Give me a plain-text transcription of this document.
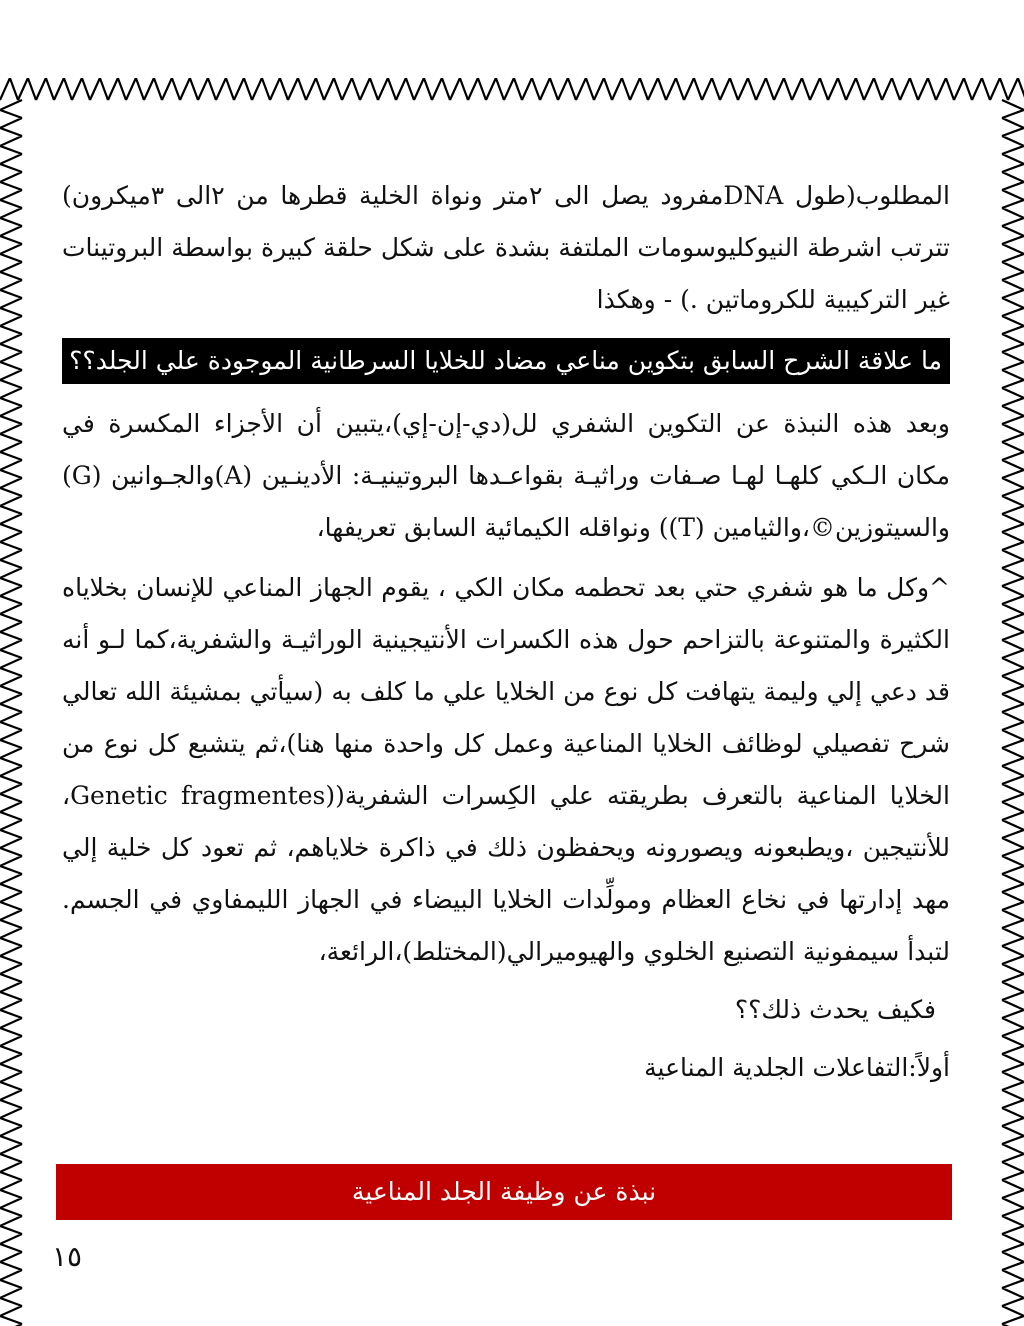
المطلوب(طول DNAمفرود يصل الى ٢متر ونواة الخلية قطرها من ٢الى ٣ميكرون) تترتب اشرطة النيوكليوسومات الملتفة بشدة على شكل حلقة كبيرة بواسطة البروتينات غير التركيبية للكروماتين .) - وهكذا

ما علاقة الشرح السابق بتكوين مناعي مضاد للخلايا السرطانية الموجودة علي الجلد؟؟

وبعد هذه النبذة عن التكوين الشفري لل(دي-إن-إي)،يتبين أن الأجزاء المكسرة في مكان الـكي كلهـا لهـا صـفات وراثيـة بقواعـدها البروتينيـة: الأدينـين (A)والجـوانين (G) والسيتوزين©،والثيامين (T)) ونواقله الكيمائية السابق تعريفها،

^وكل ما هو شفري حتي بعد تحطمه مكان الكي ، يقوم الجهاز المناعي للإنسان بخلاياه الكثيرة والمتنوعة بالتزاحم حول هذه الكسرات الأنتيجينية الوراثيـة والشفرية،كما لـو أنه قد دعي إلي وليمة يتهافت كل نوع من الخلايا علي ما كلف به (سيأتي بمشيئة الله تعالي شرح تفصيلي لوظائف الخلايا المناعية وعمل كل واحدة منها هنا)،ثم يتشبع كل نوع من الخلايا المناعية بالتعرف بطريقته علي الكِسرات الشفرية((Genetic fragmentes، للأنتيجين ،ويطبعونه ويصورونه ويحفظون ذلك في ذاكرة خلاياهم، ثم تعود كل خلية إلي مهد إدارتها في نخاع العظام ومولِّدات الخلايا البيضاء في الجهاز الليمفاوي في الجسم. لتبدأ سيمفونية التصنيع الخلوي والهيوميرالي(المختلط)،الرائعة،

فكيف يحدث ذلك؟؟

أولاً:التفاعلات الجلدية المناعية

نبذة عن وظيفة الجلد المناعية
١٥
